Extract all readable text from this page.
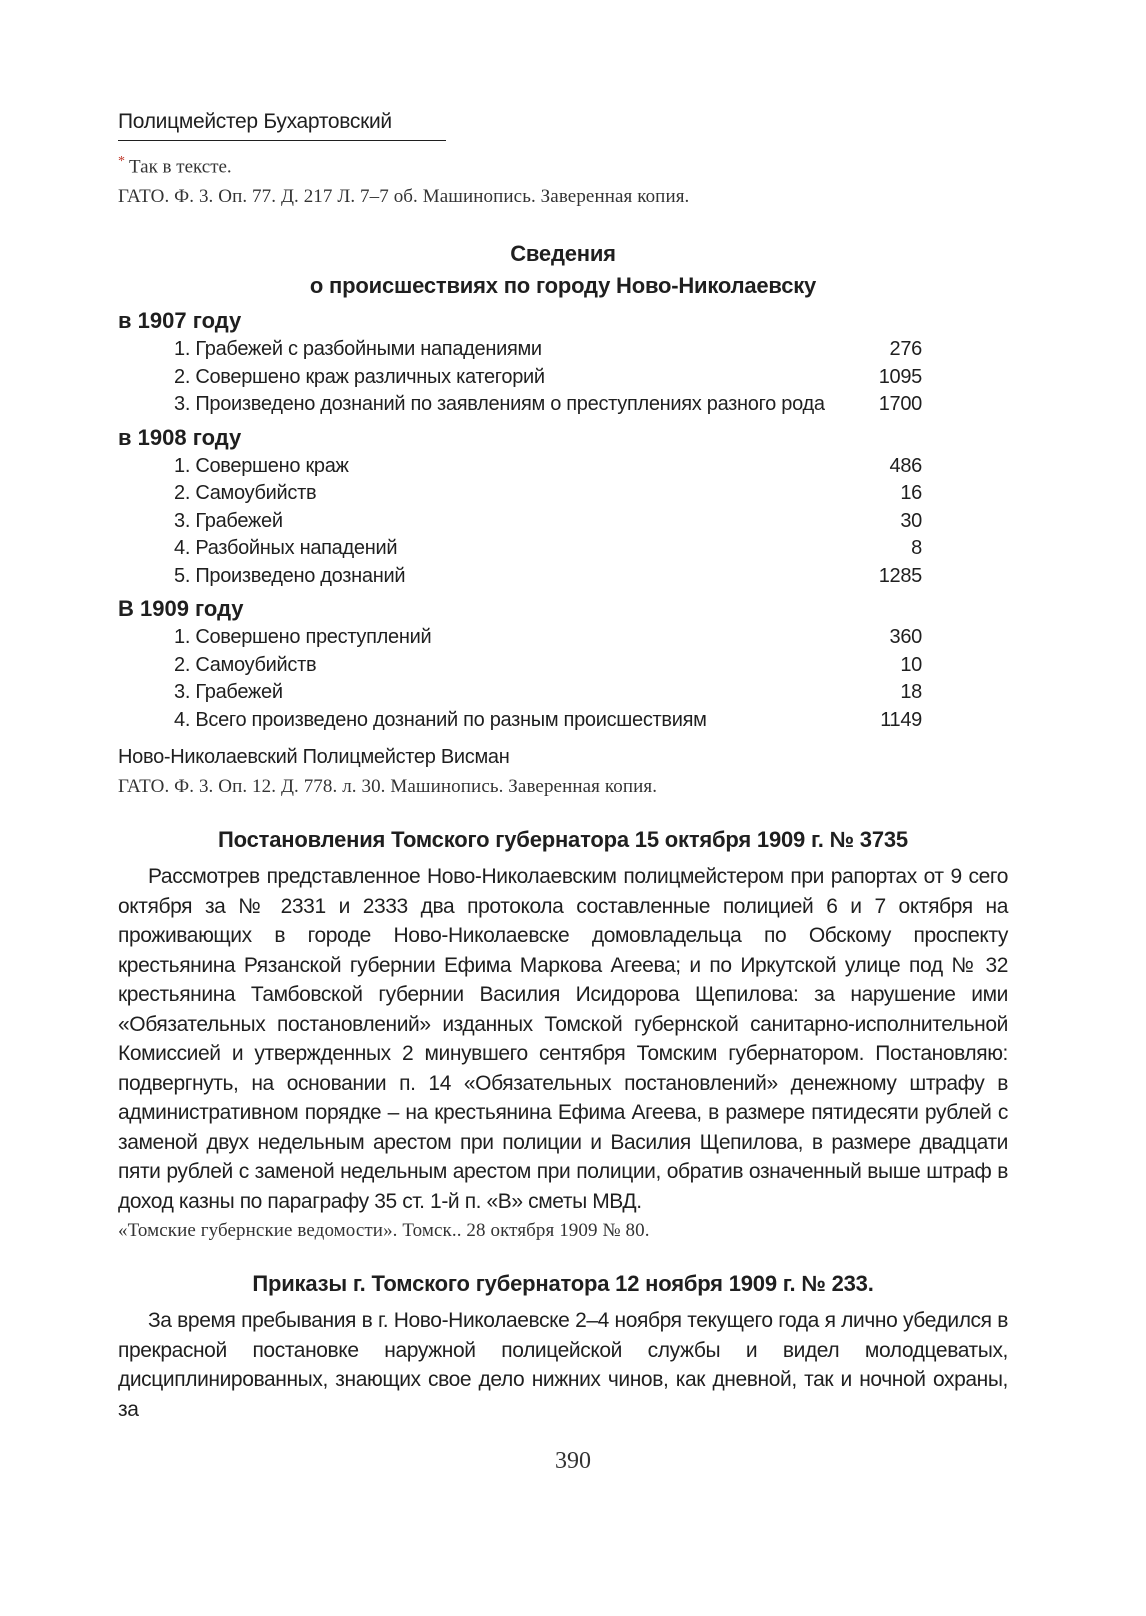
Полицмейстер Бухартовский

* Так в тексте.

ГАТО. Ф. 3. Оп. 77. Д. 217 Л. 7–7 об. Машинопись. Заверенная копия.

Сведения

о происшествиях по городу Ново-Николаевску

в 1907 году

1. Грабежей с разбойными нападениями	276
2. Совершено краж различных категорий	1095
3. Произведено дознаний по заявлениям о преступлениях разного рода	1700

в 1908 году

1. Совершено краж	486
2. Самоубийств	16
3. Грабежей	30
4. Разбойных нападений	8
5. Произведено дознаний	1285

В 1909 году

1. Совершено преступлений	360
2. Самоубийств	10
3. Грабежей	18
4. Всего произведено дознаний по разным происшествиям	1149

Ново-Николаевский Полицмейстер Висман

ГАТО. Ф. 3. Оп. 12. Д. 778. л. 30. Машинопись. Заверенная копия.

Постановления Томского губернатора 15 октября 1909 г. № 3735

Рассмотрев представленное Ново-Николаевским полицмейстером при рапортах от 9 сего октября за № 2331 и 2333 два протокола составленные полицией 6 и 7 октября на проживающих в городе Ново-Николаевске домовладельца по Обскому проспекту крестьянина Рязанской губернии Ефима Маркова Агеева; и по Иркутской улице под № 32 крестьянина Тамбовской губернии Василия Исидорова Щепилова: за нарушение ими «Обязательных постановлений» изданных Томской губернской санитарно-исполнительной Комиссией и утвержденных 2 минувшего сентября Томским губернатором. Постановляю: подвергнуть, на основании п. 14 «Обязательных постановлений» денежному штрафу в административном порядке – на крестьянина Ефима Агеева, в размере пятидесяти рублей с заменой двух недельным арестом при полиции и Василия Щепилова, в размере двадцати пяти рублей с заменой недельным арестом при полиции, обратив означенный выше штраф в доход казны по параграфу 35 ст. 1-й п. «В» сметы МВД.

«Томские губернские ведомости». Томск.. 28 октября 1909 № 80.

Приказы г. Томского губернатора 12 ноября 1909 г. № 233.

За время пребывания в г. Ново-Николаевске 2–4 ноября текущего года я лично убедился в прекрасной постановке наружной полицейской службы и видел молодцеватых, дисциплинированных, знающих свое дело нижних чинов, как дневной, так и ночной охраны, за

390
